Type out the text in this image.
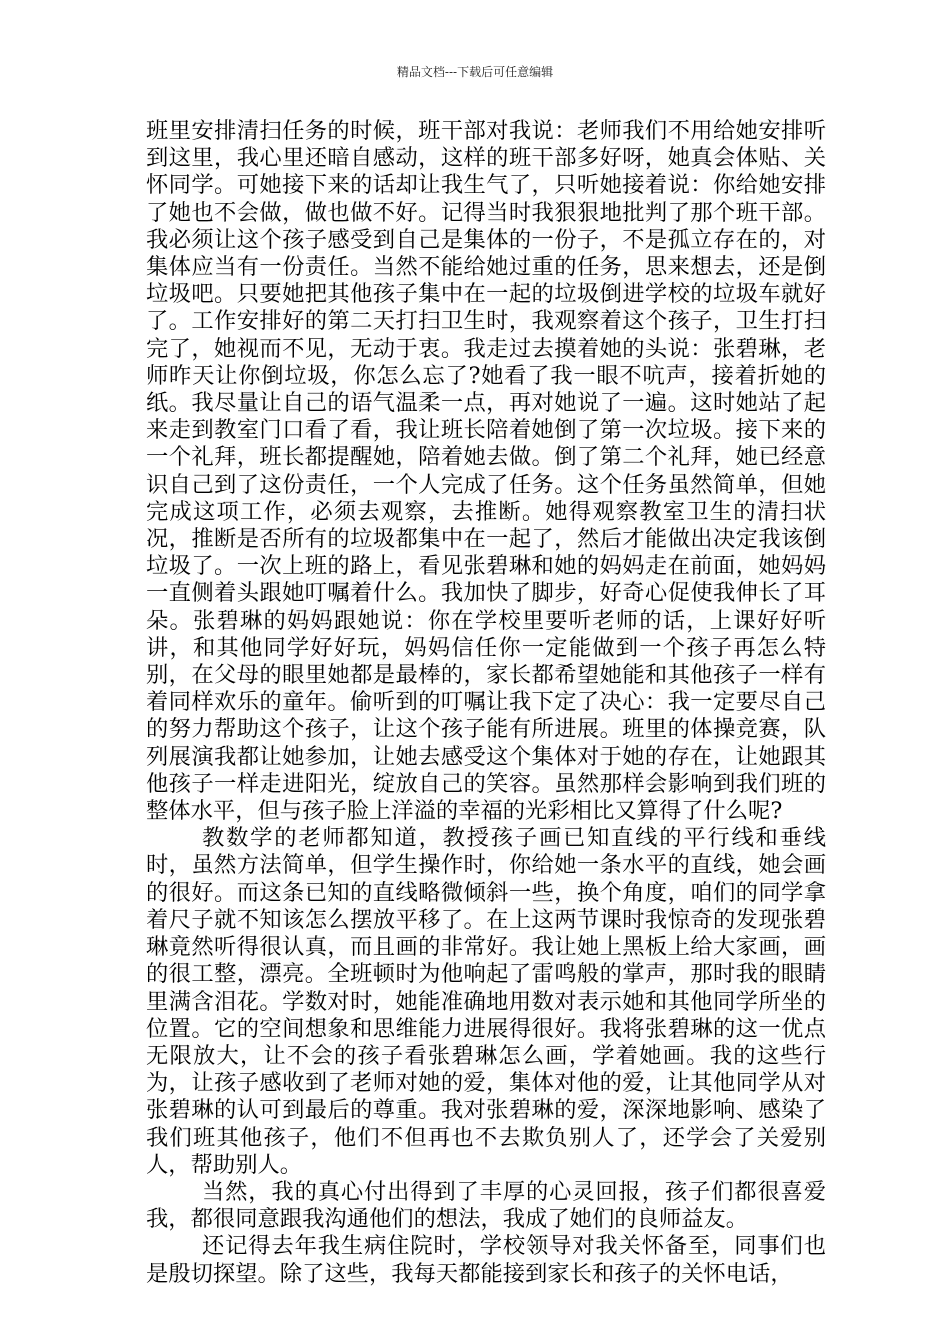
精品文档---下载后可任意编辑

班里安排清扫任务的时候，班干部对我说：老师我们不用给她安排听到这里，我心里还暗自感动，这样的班干部多好呀，她真会体贴、关怀同学。可她接下来的话却让我生气了，只听她接着说：你给她安排了她也不会做，做也做不好。记得当时我狠狠地批判了那个班干部。我必须让这个孩子感受到自己是集体的一份子，不是孤立存在的，对集体应当有一份责任。当然不能给她过重的任务，思来想去，还是倒垃圾吧。只要她把其他孩子集中在一起的垃圾倒进学校的垃圾车就好了。工作安排好的第二天打扫卫生时，我观察着这个孩子，卫生打扫完了，她视而不见，无动于衷。我走过去摸着她的头说：张碧琳，老师昨天让你倒垃圾，你怎么忘了?她看了我一眼不吭声，接着折她的纸。我尽量让自己的语气温柔一点，再对她说了一遍。这时她站了起来走到教室门口看了看，我让班长陪着她倒了第一次垃圾。接下来的一个礼拜，班长都提醒她，陪着她去做。倒了第二个礼拜，她已经意识自己到了这份责任，一个人完成了任务。这个任务虽然简单，但她完成这项工作，必须去观察，去推断。她得观察教室卫生的清扫状况，推断是否所有的垃圾都集中在一起了，然后才能做出决定我该倒垃圾了。一次上班的路上，看见张碧琳和她的妈妈走在前面，她妈妈一直侧着头跟她叮嘱着什么。我加快了脚步，好奇心促使我伸长了耳朵。张碧琳的妈妈跟她说：你在学校里要听老师的话，上课好好听讲，和其他同学好好玩，妈妈信任你一定能做到一个孩子再怎么特别，在父母的眼里她都是最棒的，家长都希望她能和其他孩子一样有着同样欢乐的童年。偷听到的叮嘱让我下定了决心：我一定要尽自己的努力帮助这个孩子，让这个孩子能有所进展。班里的体操竞赛，队列展演我都让她参加，让她去感受这个集体对于她的存在，让她跟其他孩子一样走进阳光，绽放自己的笑容。虽然那样会影响到我们班的整体水平，但与孩子脸上洋溢的幸福的光彩相比又算得了什么呢?

教数学的老师都知道，教授孩子画已知直线的平行线和垂线时，虽然方法简单，但学生操作时，你给她一条水平的直线，她会画的很好。而这条已知的直线略微倾斜一些，换个角度，咱们的同学拿着尺子就不知该怎么摆放平移了。在上这两节课时我惊奇的发现张碧琳竟然听得很认真，而且画的非常好。我让她上黑板上给大家画，画的很工整，漂亮。全班顿时为他响起了雷鸣般的掌声，那时我的眼睛里满含泪花。学数对时，她能准确地用数对表示她和其他同学所坐的位置。它的空间想象和思维能力进展得很好。我将张碧琳的这一优点无限放大，让不会的孩子看张碧琳怎么画，学着她画。我的这些行为，让孩子感收到了老师对她的爱，集体对他的爱，让其他同学从对张碧琳的认可到最后的尊重。我对张碧琳的爱，深深地影响、感染了我们班其他孩子，他们不但再也不去欺负别人了，还学会了关爱别人，帮助别人。

当然，我的真心付出得到了丰厚的心灵回报，孩子们都很喜爱我，都很同意跟我沟通他们的想法，我成了她们的良师益友。

还记得去年我生病住院时，学校领导对我关怀备至，同事们也是殷切探望。除了这些，我每天都能接到家长和孩子的关怀电话，
